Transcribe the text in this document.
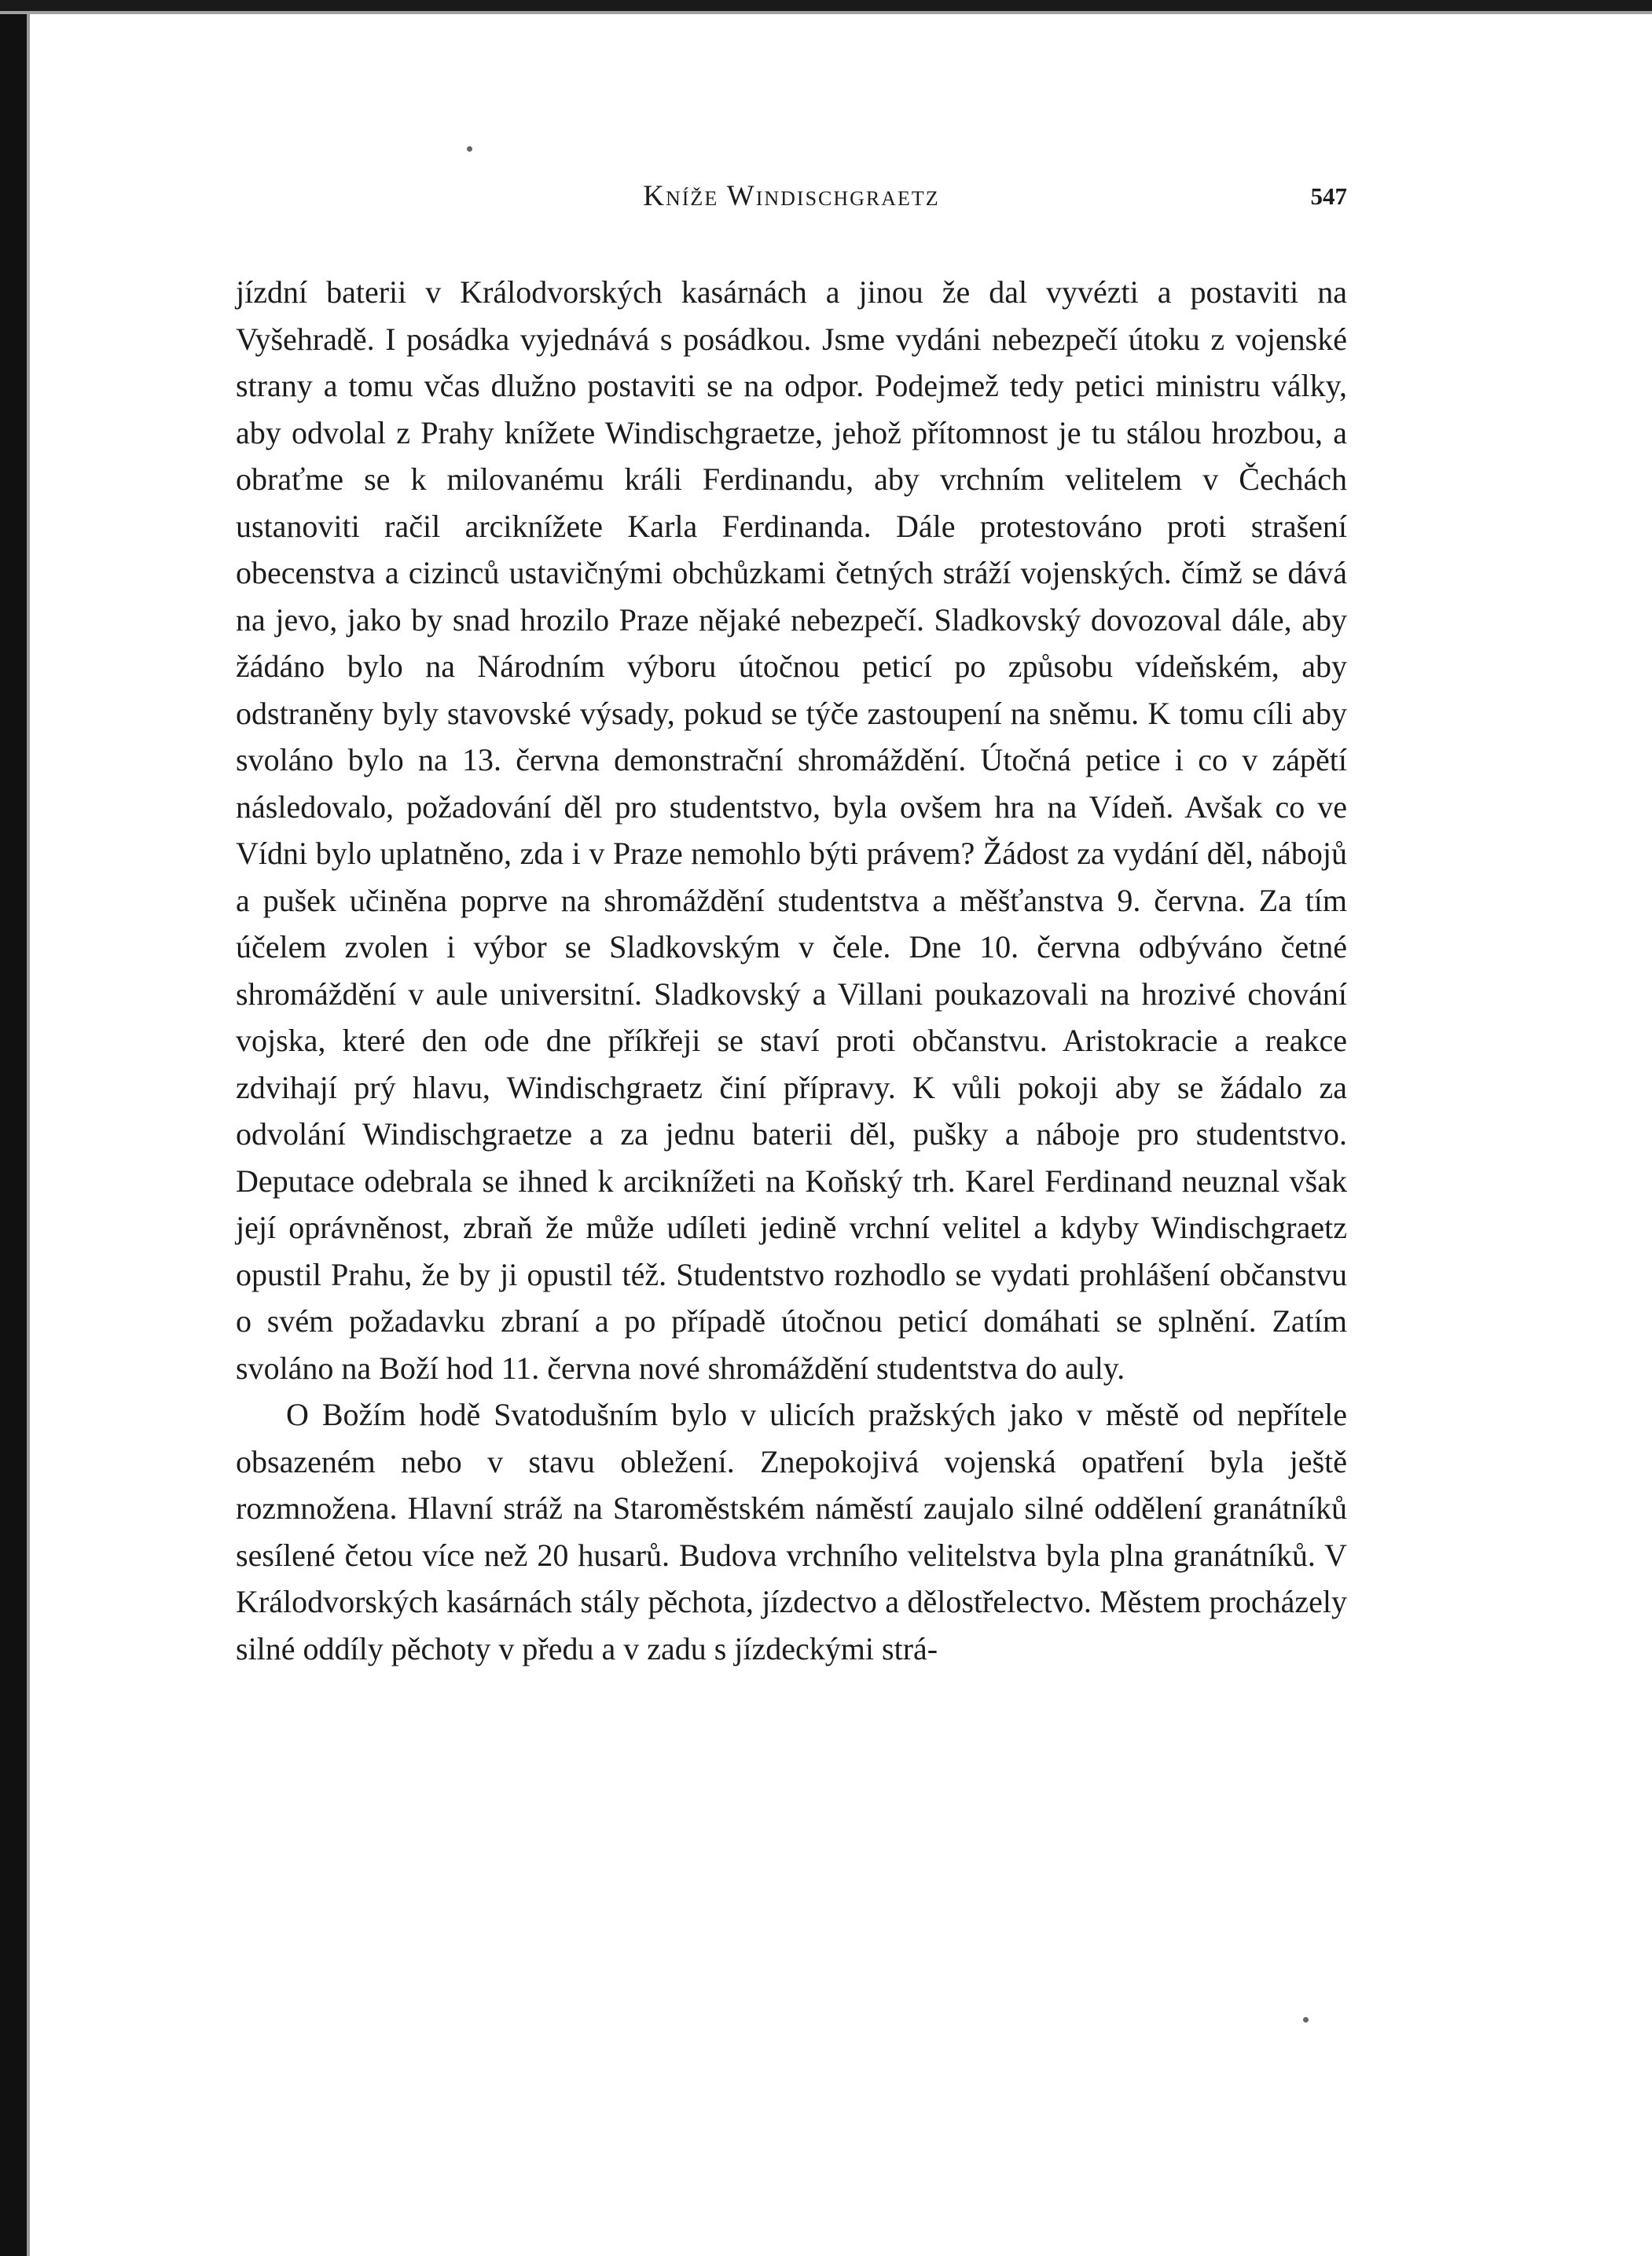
Kníže Windischgraetz	547

jízdní baterii v Králodvorských kasárnách a jinou že dal vyvézti a postaviti na Vyšehradě. I posádka vyjednává s posádkou. Jsme vydáni nebezpečí útoku z vojenské strany a tomu včas dlužno postaviti se na odpor. Podejmež tedy petici ministru války, aby odvolal z Prahy knížete Windischgraetze, jehož přítomnost je tu stálou hrozbou, a obraťme se k milovanému králi Ferdinandu, aby vrchním velitelem v Čechách ustanoviti račil arciknížete Karla Ferdinanda. Dále protestováno proti strašení obecenstva a cizinců ustavičnými obchůzkami četných stráží vojenských. čímž se dává na jevo, jako by snad hrozilo Praze nějaké nebezpečí. Sladkovský dovozoval dále, aby žádáno bylo na Národním výboru útočnou peticí po způsobu vídeňském, aby odstraněny byly stavovské výsady, pokud se týče zastoupení na sněmu. K tomu cíli aby svoláno bylo na 13. června demonstrační shromáždění. Útočná petice i co v zápětí následovalo, požadování děl pro studentstvo, byla ovšem hra na Vídeň. Avšak co ve Vídni bylo uplatněno, zda i v Praze nemohlo býti právem? Žádost za vydání děl, nábojů a pušek učiněna poprve na shromáždění studentstva a měšťanstva 9. června. Za tím účelem zvolen i výbor se Sladkovským v čele. Dne 10. června odbýváno četné shromáždění v aule universitní. Sladkovský a Villani poukazovali na hrozivé chování vojska, které den ode dne příkřeji se staví proti občanstvu. Aristokracie a reakce zdvihají prý hlavu, Windischgraetz činí přípravy. K vůli pokoji aby se žádalo za odvolání Windischgraetze a za jednu baterii děl, pušky a náboje pro studentstvo. Deputace odebrala se ihned k arciknížeti na Koňský trh. Karel Ferdinand neuznal však její oprávněnost, zbraň že může udíleti jedině vrchní velitel a kdyby Windischgraetz opustil Prahu, že by ji opustil též. Studentstvo rozhodlo se vydati prohlášení občanstvu o svém požadavku zbraní a po případě útočnou peticí domáhati se splnění. Zatím svoláno na Boží hod 11. června nové shromáždění studentstva do auly.

O Božím hodě Svatodušním bylo v ulicích pražských jako v městě od nepřítele obsazeném nebo v stavu obležení. Znepokojivá vojenská opatření byla ještě rozmnožena. Hlavní stráž na Staroměstském náměstí zaujalo silné oddělení granátníků sesílené četou více než 20 husarů. Budova vrchního velitelstva byla plna granátníků. V Králodvorských kasárnách stály pěchota, jízdectvo a dělostřelectvo. Městem procházely silné oddíly pěchoty v předu a v zadu s jízdeckými strá-
